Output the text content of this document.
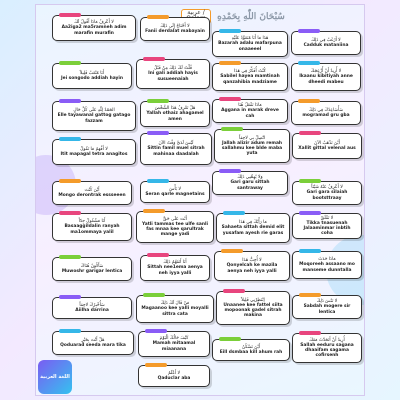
عربية /	سُبْحَانَ اللّٰهِ بِحَمْدِهِ
لا أَعْرِفُ مَاذَا أَقُولُ لَكَ
Aa2iga2 ma5ramneh adim marafin murafin
لا أَحْتَاجُ إِلَى ذَلِكَ
Fanii derdalat mabayain
هَذَا مَا أَنَا مُتَعَوِّدٌ عَلَيْهِ
Bazarah adalu mafarpuna onaaeeel
لا أَرْغَبُ فِي ذَلِكَ
Cadduk mataniina
أَنَا مُتْعَبٌ قَلِيلاً
Jei songodo addiah hayin
قُلْتُ لَكَ ذَلِكَ مِنْ قَبْلُ
Ini gali addiah hayis susueenaiah
كُنْتُ أُفَكِّرُ فِي هَذَا
Sabilel hayea mamtinah qanzahibia madziame
لا أُرِيدُ أَنْ أُزْعِجَكَ
Ikaanu kibitiyah anne dheedi mabeu
الحَمْدُ لِلّٰهِ عَلَى كُلِّ حَالٍ
Elle tayawanal gattog gatago fazzam
هَلْ تَعْرِفُ هَذَا الشَّخْصَ
Yallah othaiz ahagamel amen
مَاذَا تَفْعَلُ هُنَا
Aggana in marak dreve cah
سَأُسَاعِدُكَ فِي ذَلِكَ
mogramad gru gba
لا أَفْهَمُ مَا تَقُولُ
Itit mapagal tetra anagitos
لَيْسَ لَدَيَّ وَقْتٌ الآنَ
Sittin famil muel sitrah mahinaa daadalah
اتَّصِلْ بِي لاحِقاً
Jallah alizir adum remah sallahmu kee blde maba yuta
أَيْنَ تَذْهَبُ الآنَ
Xallit gittal velenal aus
أَيْنَ كُنْتَ
Mongo derontrak essseeen
لا بَأْسَ
Seran qarle magnetains
وَلا يُهِمُّنِي ذَلِكَ
Gari garu sittah santraway	لا أَعْرِفُ عَنْهُ شَيْئاً
Gari gara silaiah bootsttraay
أَنَا مَشْغُولٌ جِدّاً
Basaaggildalin ranyah ma1ommaya yalil
أَنْتَ عَلَى حَقٍّ
Yatli tammas tee ulfe sanli fas mnaa kee qarultrak mange yadi
مَا رَأْيُكَ فِي هَذَا
Sahaeta sittah demid elit yusafam ayesh rie garas
لا تَقْلَقْ
Tikka tnasuenah Jalaaminmar inbtih coha
سَأَكُونُ هُنَاكَ
Muwoshr garigar lentica
أَنَا أَتَفَهَّمُ ذَلِكَ
Sittah nee1ema aenya neh iyya yalli
لا أُحِبُّ هَذَا
Qonyelcah ke mazila aenya neh iyya yalli
مَاذَا حَدَثَ
Moqoreeh assaano mo manseme dunntalla
سَأُخْبِرُكَ لاحِقاً
Aiilha darrina
مَنْ قَالَ لَكَ ذَلِكَ
Magaanoo kee yalli moyalli sittra cata
اِنْتَظِرْنِي قَلِيلاً
Unaanee kee fattel siita mopoonak gadel sitrah makina
لا تَنْسَ ذَلِكَ
Sabdah mogere sir lentica
هَلْ أَنْتَ بِخَيْرٍ
Qoduarad seeda mara tika
كَيْفَ حَالُكَ الْيَوْمَ
Mamah mitaamal miaanana	أَيْنَ تَسْكُنُ
Eill dsmbaa kill ahum rah
أُرِيدُ أَنْ أَتَحَدَّثَ مَعَكَ
Sallah eeduru sagana dhaaifam sagama cofirsenh
لا أَعْلَمُ
Qaduclar aba
اللغة العربية
